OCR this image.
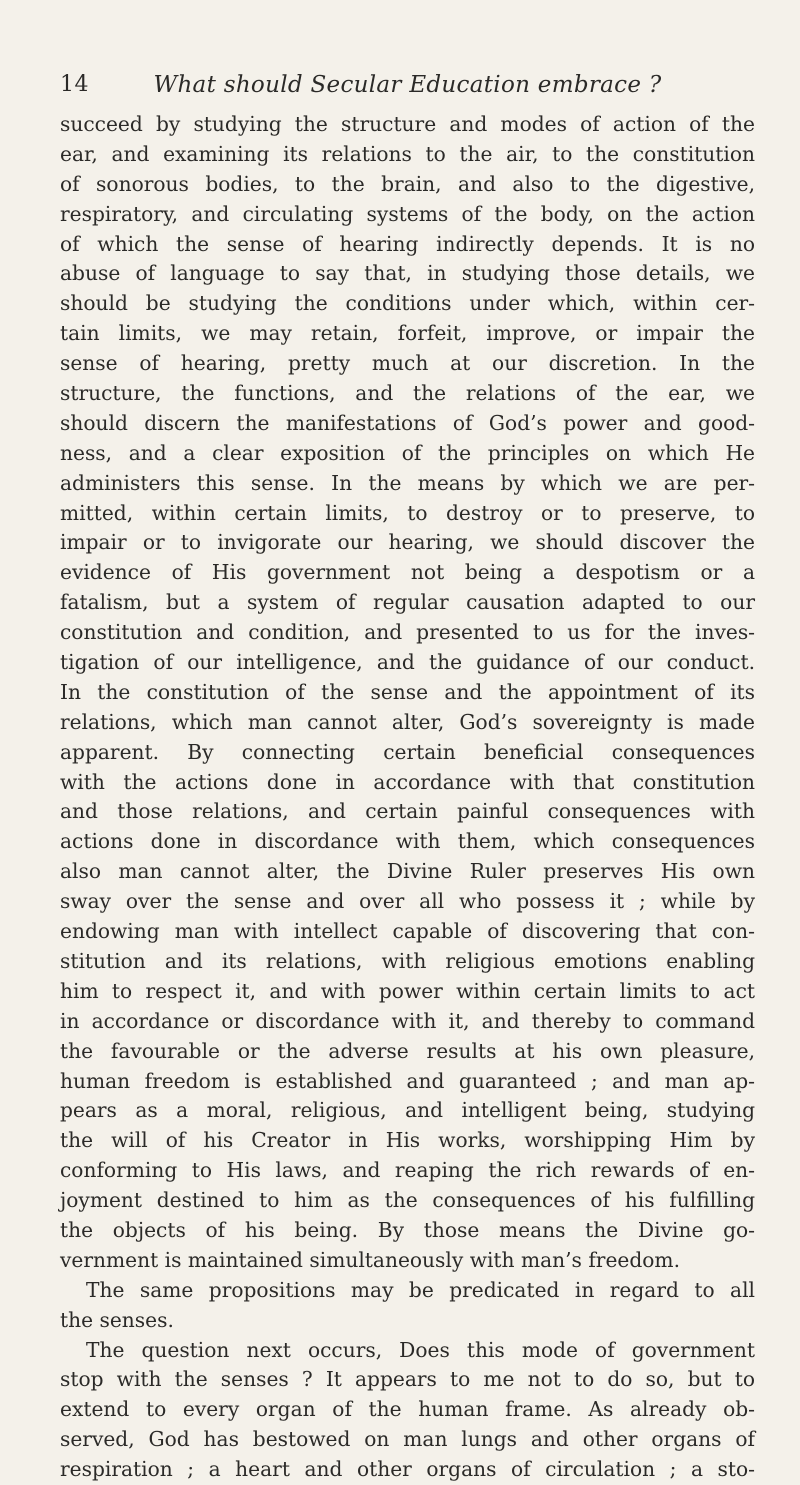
14	What should Secular Education embrace ?
succeed by studying the structure and modes of action of the
ear, and examining its relations to the air, to the constitution
of sonorous bodies, to the brain, and also to the digestive,
respiratory, and circulating systems of the body, on the action
of which the sense of hearing indirectly depends. It is no
abuse of language to say that, in studying those details, we
should be studying the conditions under which, within cer-
tain limits, we may retain, forfeit, improve, or impair the
sense of hearing, pretty much at our discretion. In the
structure, the functions, and the relations of the ear, we
should discern the manifestations of God’s power and good-
ness, and a clear exposition of the principles on which He
administers this sense. In the means by which we are per-
mitted, within certain limits, to destroy or to preserve, to
impair or to invigorate our hearing, we should discover the
evidence of His government not being a despotism or a
fatalism, but a system of regular causation adapted to our
constitution and condition, and presented to us for the inves-
tigation of our intelligence, and the guidance of our conduct.
In the constitution of the sense and the appointment of its
relations, which man cannot alter, God’s sovereignty is made
apparent. By connecting certain beneficial consequences
with the actions done in accordance with that constitution
and those relations, and certain painful consequences with
actions done in discordance with them, which consequences
also man cannot alter, the Divine Ruler preserves His own
sway over the sense and over all who possess it ; while by
endowing man with intellect capable of discovering that con-
stitution and its relations, with religious emotions enabling
him to respect it, and with power within certain limits to act
in accordance or discordance with it, and thereby to command
the favourable or the adverse results at his own pleasure,
human freedom is established and guaranteed ; and man ap-
pears as a moral, religious, and intelligent being, studying
the will of his Creator in His works, worshipping Him by
conforming to His laws, and reaping the rich rewards of en-
joyment destined to him as the consequences of his fulfilling
the objects of his being. By those means the Divine go-
vernment is maintained simultaneously with man’s freedom.
The same propositions may be predicated in regard to all
the senses.
The question next occurs, Does this mode of government
stop with the senses ? It appears to me not to do so, but to
extend to every organ of the human frame. As already ob-
served, God has bestowed on man lungs and other organs of
respiration ; a heart and other organs of circulation ; a sto-
